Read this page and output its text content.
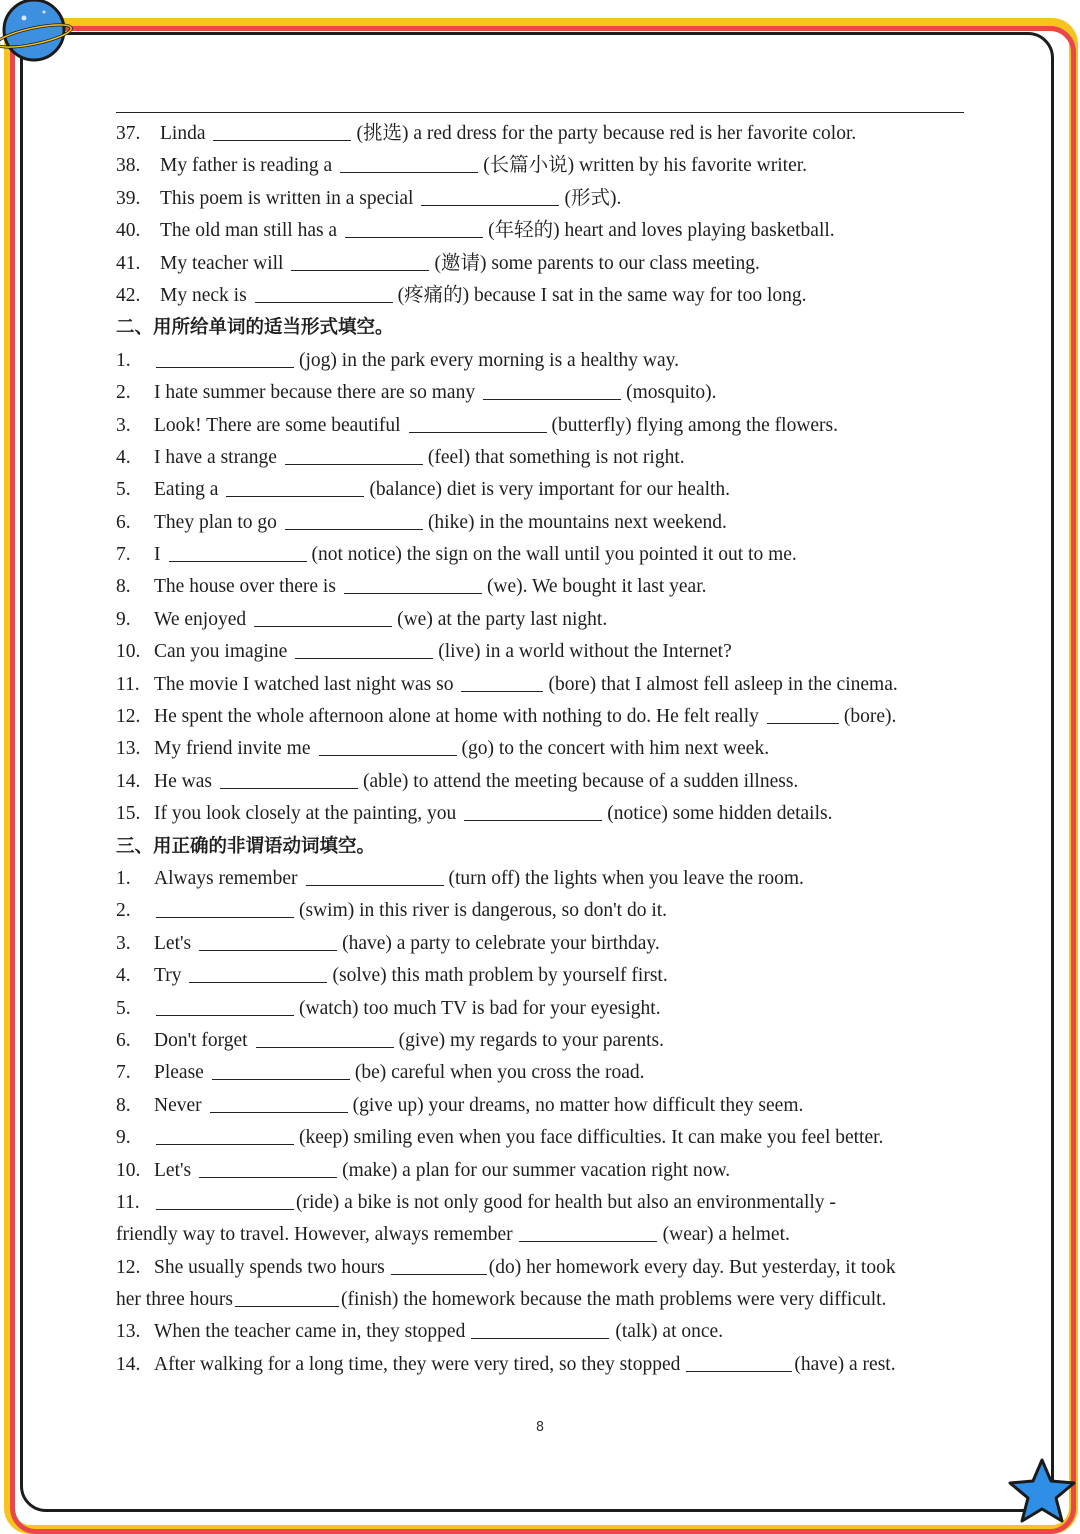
37.	Linda	(挑选) a red dress for the party because red is her favorite color.
38.	My father is reading a	(长篇小说) written by his favorite writer.
39.	This poem is written in a special	(形式).
40.	The old man still has a	(年轻的) heart and loves playing basketball.
41.	My teacher will	(邀请) some parents to our class meeting.
42.	My neck is	(疼痛的) because I sat in the same way for too long.
二、用所给单词的适当形式填空。
1.	(jog) in the park every morning is a healthy way.
2.	I hate summer because there are so many	(mosquito).
3.	Look! There are some beautiful	(butterfly) flying among the flowers.
4.	I have a strange	(feel) that something is not right.
5.	Eating a	(balance) diet is very important for our health.
6.	They plan to go	(hike) in the mountains next weekend.
7.	I	(not notice) the sign on the wall until you pointed it out to me.
8.	The house over there is	(we). We bought it last year.
9.	We enjoyed	(we) at the party last night.
10. Can you imagine	(live) in a world without the Internet?
11. The movie I watched last night was so	(bore) that I almost fell asleep in the cinema.
12. He spent the whole afternoon alone at home with nothing to do. He felt really	(bore).
13. My friend invite me	(go) to the concert with him next week.
14. He was	(able) to attend the meeting because of a sudden illness.
15. If you look closely at the painting, you	(notice) some hidden details.
三、用正确的非谓语动词填空。
1.	Always remember	(turn off) the lights when you leave the room.
2.	(swim) in this river is dangerous, so don't do it.
3.	Let's	(have) a party to celebrate your birthday.
4.	Try	(solve) this math problem by yourself first.
5.	(watch) too much TV is bad for your eyesight.
6.	Don't forget	(give) my regards to your parents.
7.	Please	(be) careful when you cross the road.
8.	Never	(give up) your dreams, no matter how difficult they seem.
9.	(keep) smiling even when you face difficulties. It can make you feel better.
10. Let's	(make) a plan for our summer vacation right now.
11.	(ride) a bike is not only good for health but also an environmentally -
friendly way to travel. However, always remember	(wear) a helmet.
12. She usually spends two hours	(do) her homework every day. But yesterday, it took
her three hours	(finish) the homework because the math problems were very difficult.
13. When the teacher came in, they stopped	(talk) at once.
14. After walking for a long time, they were very tired, so they stopped	(have) a rest.
8
